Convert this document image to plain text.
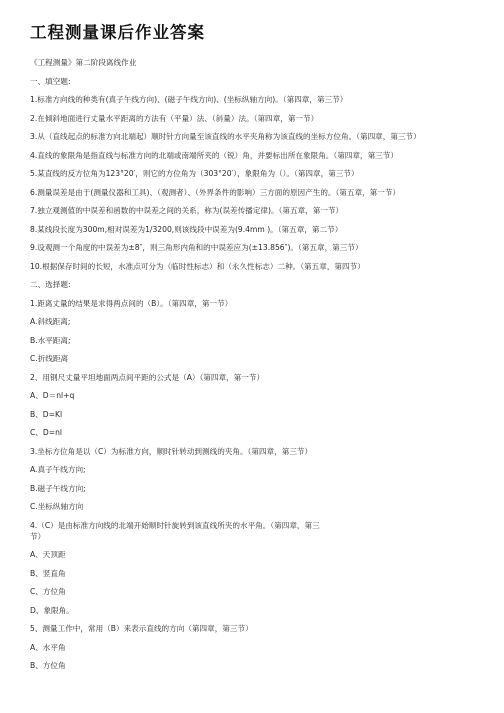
工程测量课后作业答案
《工程测量》第二阶段离线作业
一、填空题:
1.标准方向线的种类有(真子午线方向)、(磁子午线方向)、(坐标纵轴方向)。（第四章，第三节）
2.在倾斜地面进行丈量水平距离的方法有（平量）法、（斜量）法。（第四章，第一节）
3.从（直线起点的标准方向北端起）顺时针方向量至该直线的水平夹角称为该直线的坐标方位角。（第四章，第三节）
4.直线的象限角是指直线与标准方向的北端或南端所夹的（锐）角，并要标出所在象限角。（第四章，第三节）
5.某直线的反方位角为123°20′，则它的方位角为（303°20′），象限角为（）。（第四章，第三节）
6.测量误差是由于(测量仪器和工具)、（观测者）、（外界条件的影响）三方面的原因产生的。（第五章，第一节）
7.独立观测值的中误差和函数的中误差之间的关系，称为(误差传播定律)。（第五章，第一节）
8.某线段长度为300m,相对误差为1/3200,则该线段中误差为(9.4mm )。（第五章，第二节）
9.设观测一个角度的中误差为±8″，则三角形内角和的中误差应为(±13.856″)。（第五章，第三节）
10.根据保存时间的长短，水准点可分为（临时性标志）和（永久性标志）二种。（第五章，第四节）
二、选择题:
1.距离丈量的结果是求得两点间的（B）。（第四章，第一节）
A.斜线距离;
B.水平距离;
C.折线距离
2、用钢尺丈量平坦地面两点间平距的公式是（A）（第四章，第一节）
A、D＝nl+q
B、D=Kl
C、D=nl
3.坐标方位角是以（C）为标准方向，顺时针转动到测线的夹角。（第四章，第三节）
A.真子午线方向;
B.磁子午线方向;
C.坐标纵轴方向
4.（C）是由标准方向线的北端开始顺时针旋转到该直线所夹的水平角。（第四章，第三节）
A、天顶距
B、竖直角
C、方位角
D、象限角。
5、测量工作中，常用（B）来表示直线的方向（第四章，第三节）
A、水平角
B、方位角
